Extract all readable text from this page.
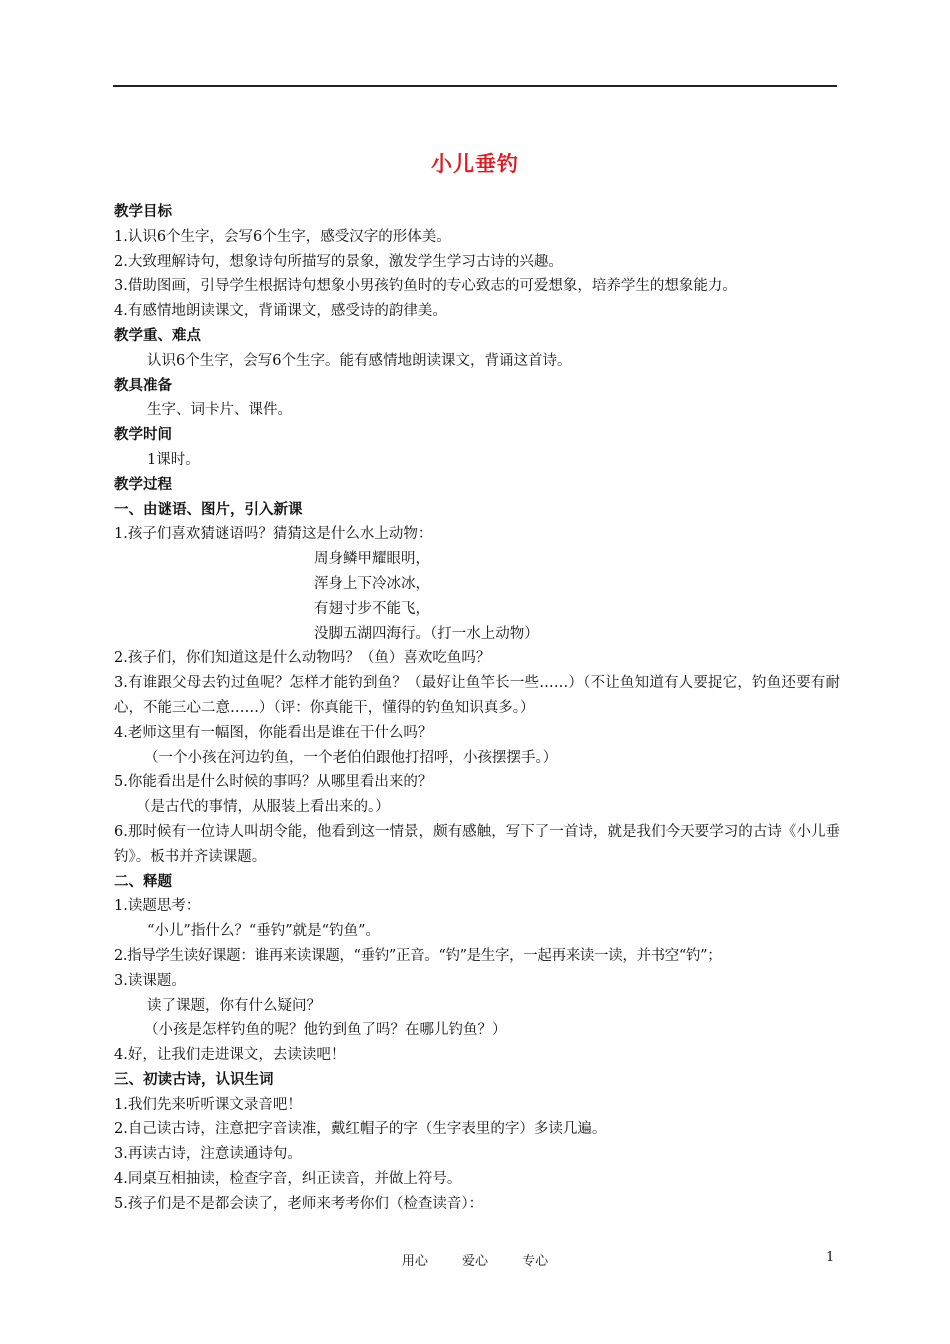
小儿垂钓
教学目标
1.认识6个生字，会写6个生字，感受汉字的形体美。
2.大致理解诗句，想象诗句所描写的景象，激发学生学习古诗的兴趣。
3.借助图画，引导学生根据诗句想象小男孩钓鱼时的专心致志的可爱想象，培养学生的想象能力。
4.有感情地朗读课文，背诵课文，感受诗的韵律美。
教学重、难点
认识6个生字，会写6个生字。能有感情地朗读课文，背诵这首诗。
教具准备
生字、词卡片、课件。
教学时间
1课时。
教学过程
一、由谜语、图片，引入新课
1.孩子们喜欢猜谜语吗？猜猜这是什么水上动物：
周身鳞甲耀眼明，
浑身上下冷冰冰，
有翅寸步不能飞，
没脚五湖四海行。（打一水上动物）
2.孩子们，你们知道这是什么动物吗？（鱼）喜欢吃鱼吗？
3.有谁跟父母去钓过鱼呢？怎样才能钓到鱼？（最好让鱼竿长一些……）（不让鱼知道有人要捉它，钓鱼还要有耐心，不能三心二意……）（评：你真能干，懂得的钓鱼知识真多。）
4.老师这里有一幅图，你能看出是谁在干什么吗？
（一个小孩在河边钓鱼，一个老伯伯跟他打招呼，小孩摆摆手。）
5.你能看出是什么时候的事吗？从哪里看出来的？
（是古代的事情，从服装上看出来的。）
6.那时候有一位诗人叫胡令能，他看到这一情景，颇有感触，写下了一首诗，就是我们今天要学习的古诗《小儿垂钓》。板书并齐读课题。
二、释题
1.读题思考：
“小儿”指什么？“垂钓”就是“钓鱼”。
2.指导学生读好课题：谁再来读课题，“垂钓”正音。“钓”是生字，一起再来读一读，并书空“钓”；
3.读课题。
读了课题，你有什么疑问？
（小孩是怎样钓鱼的呢？他钓到鱼了吗？在哪儿钓鱼？）
4.好，让我们走进课文，去读读吧！
三、初读古诗，认识生词
1.我们先来听听课文录音吧！
2.自己读古诗，注意把字音读准，戴红帽子的字（生字表里的字）多读几遍。
3.再读古诗，注意读通诗句。
4.同桌互相抽读，检查字音，纠正读音，并做上符号。
5.孩子们是不是都会读了，老师来考考你们（检查读音）：
用心	爱心	专心	1
